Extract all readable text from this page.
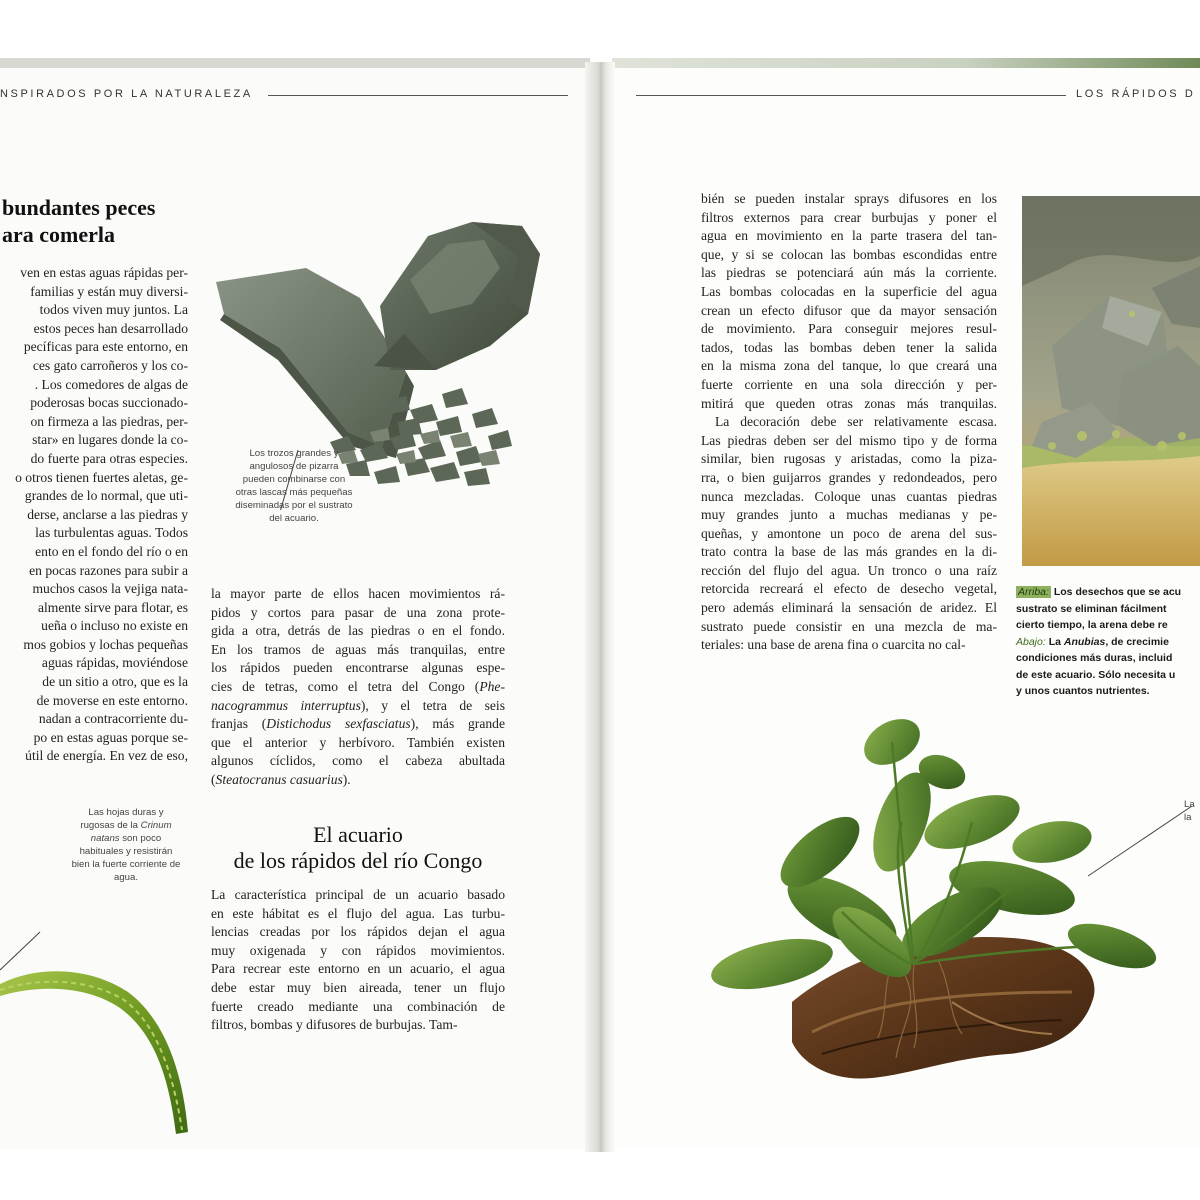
NSPIRADOS POR LA NATURALEZA
bundantes peces
ara comerla
ven en estas aguas rápidas per-
familias y están muy diversi-
todos viven muy juntos. La
estos peces han desarrollado
pecíficas para este entorno, en
ces gato carroñeros y los co-
. Los comedores de algas de
poderosas bocas succionado-
on firmeza a las piedras, per-
star» en lugares donde la co-
do fuerte para otras especies.
o otros tienen fuertes aletas, ge-
grandes de lo normal, que uti-
derse, anclarse a las piedras y
las turbulentas aguas. Todos
ento en el fondo del río o en
en pocas razones para subir a
muchos casos la vejiga nata-
almente sirve para flotar, es
ueña o incluso no existe en
mos gobios y lochas pequeñas
aguas rápidas, moviéndose
de un sitio a otro, que es la
de moverse en este entorno.
nadan a contracorriente du-
po en estas aguas porque se-
útil de energía. En vez de eso,
Los trozos grandes y
angulosos de pizarra
pueden combinarse con
otras lascas más pequeñas
diseminadas por el sustrato
del acuario.
la mayor parte de ellos hacen movimientos rá-
pidos y cortos para pasar de una zona prote-
gida a otra, detrás de las piedras o en el fondo.
En los tramos de aguas más tranquilas, entre
los rápidos pueden encontrarse algunas espe-
cies de tetras, como el tetra del Congo (Phe-
nacogrammus interruptus), y el tetra de seis
franjas (Distichodus sexfasciatus), más grande
que el anterior y herbívoro. También existen
algunos cíclidos, como el cabeza abultada
(Steatocranus casuarius).
El acuario
de los rápidos del río Congo
La característica principal de un acuario basado
en este hábitat es el flujo del agua. Las turbu-
lencias creadas por los rápidos dejan el agua
muy oxigenada y con rápidos movimientos.
Para recrear este entorno en un acuario, el agua
debe estar muy bien aireada, tener un flujo
fuerte creado mediante una combinación de
filtros, bombas y difusores de burbujas. Tam-
Las hojas duras y
rugosas de la Crinum
natans son poco
habituales y resistirán
bien la fuerte corriente de
agua.
LOS RÁPIDOS D
bién se pueden instalar sprays difusores en los
filtros externos para crear burbujas y poner el
agua en movimiento en la parte trasera del tan-
que, y si se colocan las bombas escondidas entre
las piedras se potenciará aún más la corriente.
Las bombas colocadas en la superficie del agua
crean un efecto difusor que da mayor sensación
de movimiento. Para conseguir mejores resul-
tados, todas las bombas deben tener la salida
en la misma zona del tanque, lo que creará una
fuerte corriente en una sola dirección y per-
mitirá que queden otras zonas más tranquilas.
La decoración debe ser relativamente escasa.
Las piedras deben ser del mismo tipo y de forma
similar, bien rugosas y aristadas, como la piza-
rra, o bien guijarros grandes y redondeados, pero
nunca mezcladas. Coloque unas cuantas piedras
muy grandes junto a muchas medianas y pe-
queñas, y amontone un poco de arena del sus-
trato contra la base de las más grandes en la di-
rección del flujo del agua. Un tronco o una raíz
retorcida recreará el efecto de desecho vegetal,
pero además eliminará la sensación de aridez. El
sustrato puede consistir en una mezcla de ma-
teriales: una base de arena fina o cuarcita no cal-
Arriba: Los desechos que se acu
sustrato se eliminan fácilment
cierto tiempo, la arena debe re
Abajo: La Anubias, de crecimie
condiciones más duras, incluid
de este acuario. Sólo necesita u
y unos cuantos nutrientes.
La
la
